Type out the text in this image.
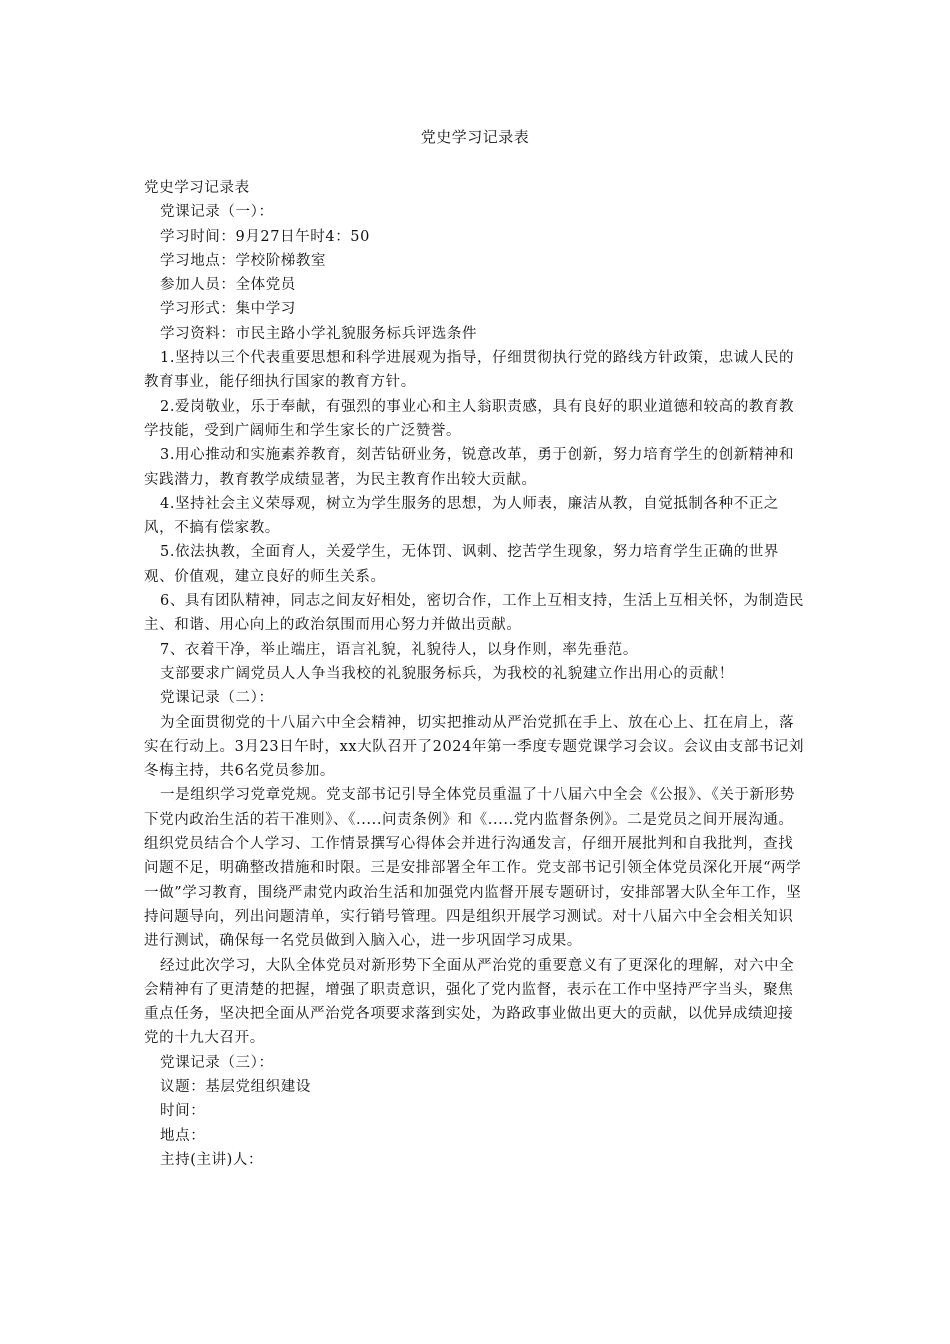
党史学习记录表

党史学习记录表

党课记录（一）：

学习时间：9月27日午时4：50

学习地点：学校阶梯教室

参加人员：全体党员

学习形式：集中学习

学习资料：市民主路小学礼貌服务标兵评选条件

1.坚持以三个代表重要思想和科学进展观为指导，仔细贯彻执行党的路线方针政策，忠诚人民的教育事业，能仔细执行国家的教育方针。

2.爱岗敬业，乐于奉献，有强烈的事业心和主人翁职责感，具有良好的职业道德和较高的教育教学技能，受到广阔师生和学生家长的广泛赞誉。

3.用心推动和实施素养教育，刻苦钻研业务，锐意改革，勇于创新，努力培育学生的创新精神和实践潜力，教育教学成绩显著，为民主教育作出较大贡献。

4.坚持社会主义荣辱观，树立为学生服务的思想，为人师表，廉洁从教，自觉抵制各种不正之风，不搞有偿家教。

5.依法执教，全面育人，关爱学生，无体罚、讽刺、挖苦学生现象，努力培育学生正确的世界观、价值观，建立良好的师生关系。

6、具有团队精神，同志之间友好相处，密切合作，工作上互相支持，生活上互相关怀，为制造民主、和谐、用心向上的政治氛围而用心努力并做出贡献。

7、衣着干净，举止端庄，语言礼貌，礼貌待人，以身作则，率先垂范。

支部要求广阔党员人人争当我校的礼貌服务标兵，为我校的礼貌建立作出用心的贡献！

党课记录（二）：

为全面贯彻党的十八届六中全会精神，切实把推动从严治党抓在手上、放在心上、扛在肩上，落实在行动上。3月23日午时，xx大队召开了2024年第一季度专题党课学习会议。会议由支部书记刘冬梅主持，共6名党员参加。

一是组织学习党章党规。党支部书记引导全体党员重温了十八届六中全会《公报》、《关于新形势下党内政治生活的若干准则》、《.....问责条例》和《.....党内监督条例》。二是党员之间开展沟通。组织党员结合个人学习、工作情景撰写心得体会并进行沟通发言，仔细开展批判和自我批判，查找问题不足，明确整改措施和时限。三是安排部署全年工作。党支部书记引领全体党员深化开展“两学一做”学习教育，围绕严肃党内政治生活和加强党内监督开展专题研讨，安排部署大队全年工作，坚持问题导向，列出问题清单，实行销号管理。四是组织开展学习测试。对十八届六中全会相关知识进行测试，确保每一名党员做到入脑入心，进一步巩固学习成果。

经过此次学习，大队全体党员对新形势下全面从严治党的重要意义有了更深化的理解，对六中全会精神有了更清楚的把握，增强了职责意识，强化了党内监督，表示在工作中坚持严字当头，聚焦重点任务，坚决把全面从严治党各项要求落到实处，为路政事业做出更大的贡献，以优异成绩迎接党的十九大召开。

党课记录（三）：

议题：基层党组织建设

时间：

地点：

主持(主讲)人：
